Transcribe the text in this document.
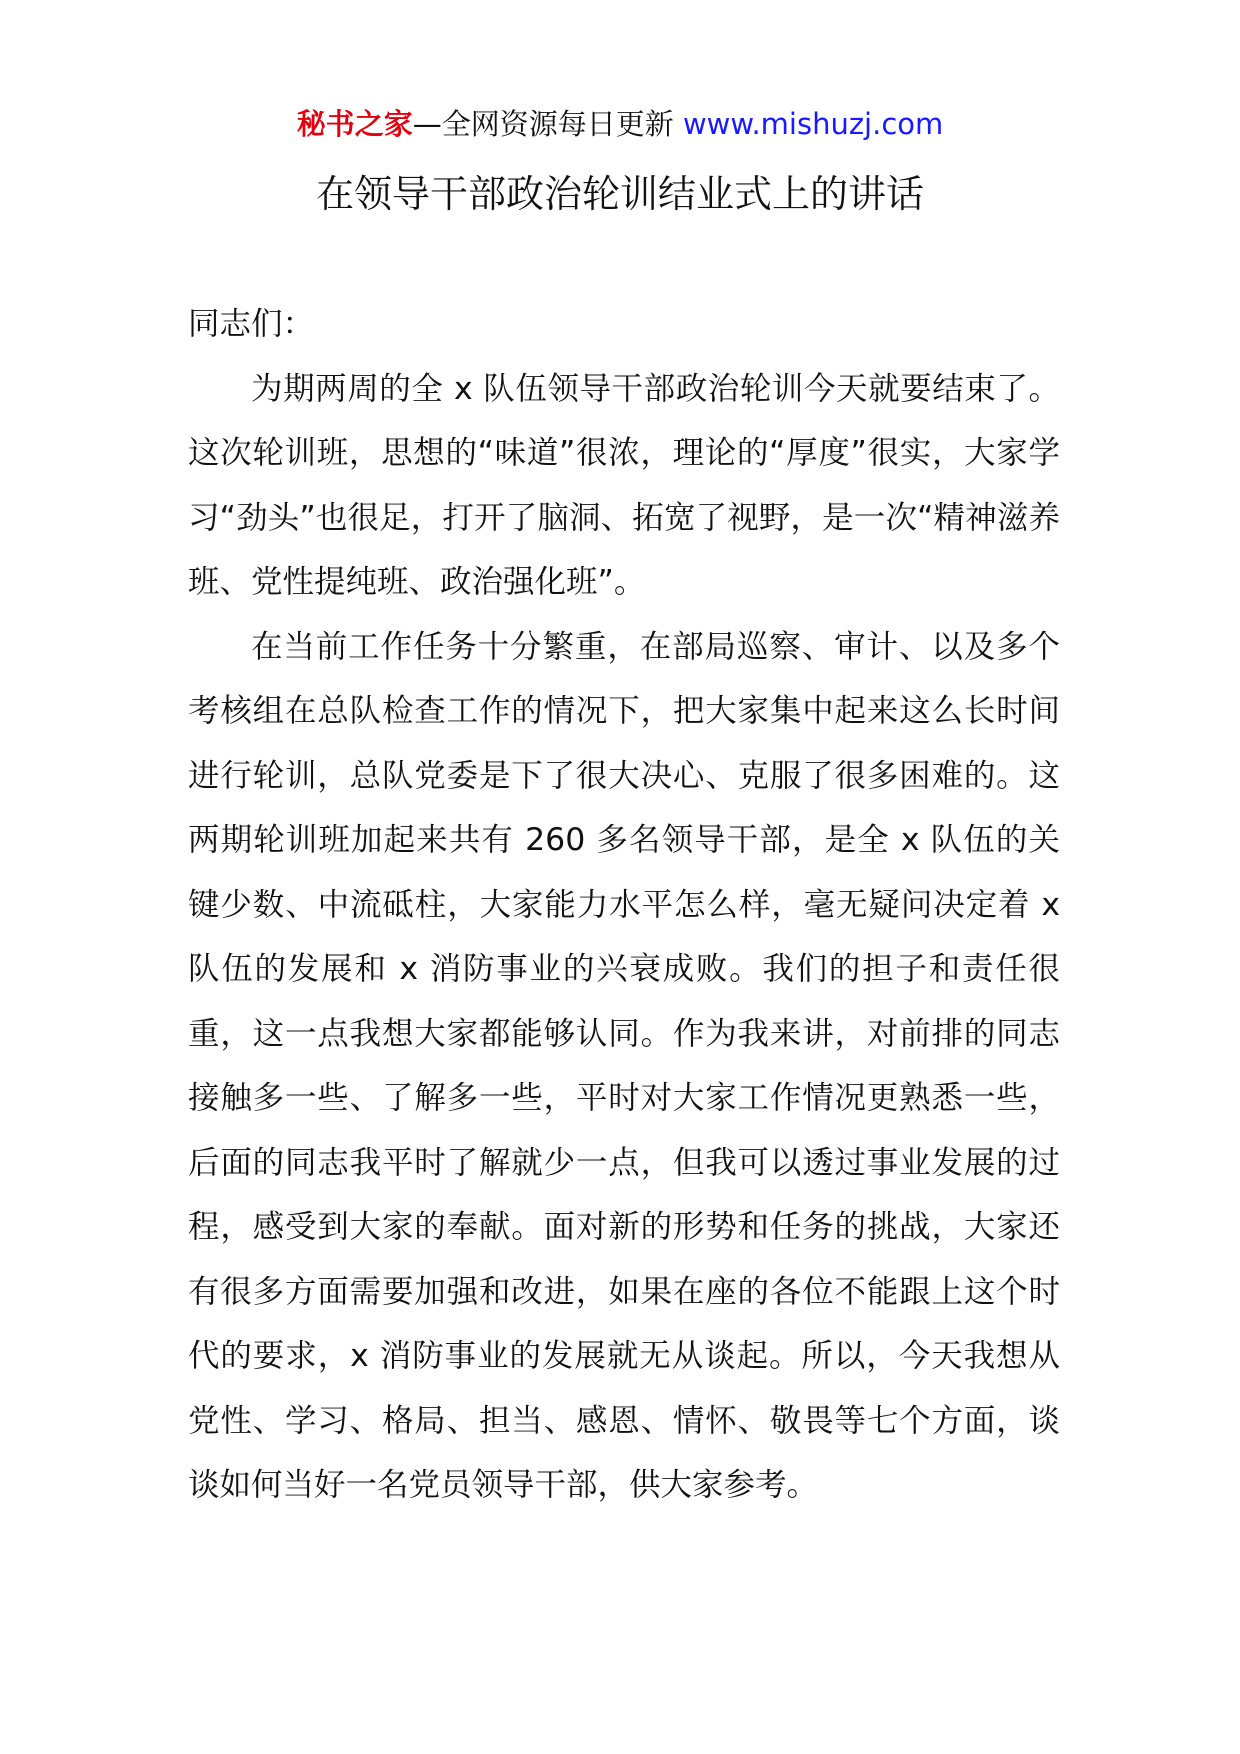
秘书之家—全网资源每日更新 www.mishuzj.com
在领导干部政治轮训结业式上的讲话

同志们：

为期两周的全 x 队伍领导干部政治轮训今天就要结束了。这次轮训班，思想的“味道”很浓，理论的“厚度”很实，大家学习“劲头”也很足，打开了脑洞、拓宽了视野，是一次“精神滋养班、党性提纯班、政治强化班”。

在当前工作任务十分繁重，在部局巡察、审计、以及多个考核组在总队检查工作的情况下，把大家集中起来这么长时间进行轮训，总队党委是下了很大决心、克服了很多困难的。这两期轮训班加起来共有 260 多名领导干部，是全 x 队伍的关键少数、中流砥柱，大家能力水平怎么样，毫无疑问决定着 x 队伍的发展和 x 消防事业的兴衰成败。我们的担子和责任很重，这一点我想大家都能够认同。作为我来讲，对前排的同志接触多一些、了解多一些，平时对大家工作情况更熟悉一些，后面的同志我平时了解就少一点，但我可以透过事业发展的过程，感受到大家的奉献。面对新的形势和任务的挑战，大家还有很多方面需要加强和改进，如果在座的各位不能跟上这个时代的要求，x 消防事业的发展就无从谈起。所以，今天我想从党性、学习、格局、担当、感恩、情怀、敬畏等七个方面，谈谈如何当好一名党员领导干部，供大家参考。
